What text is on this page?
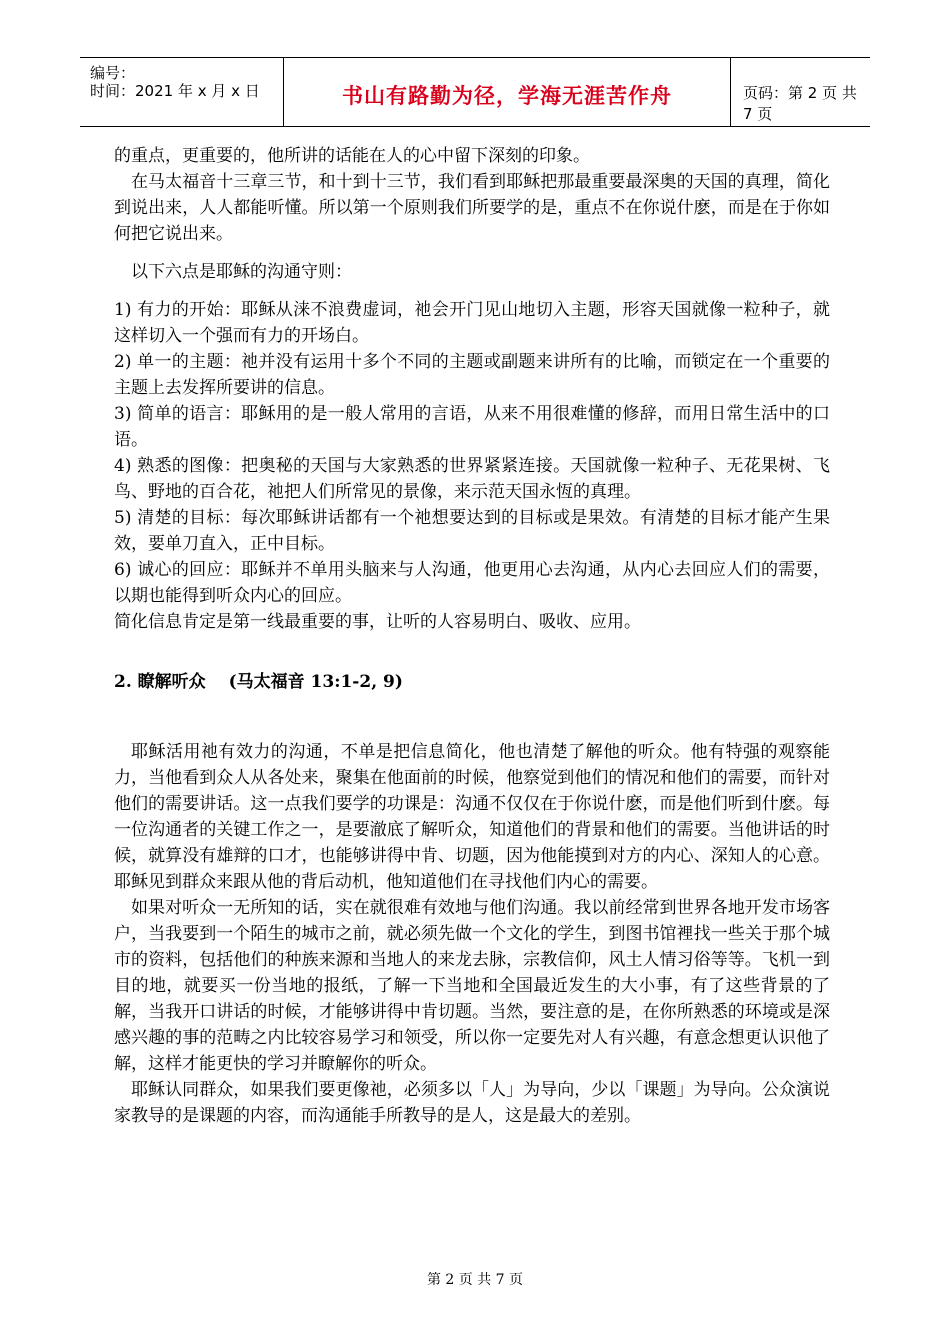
编号：
时间：2021 年 x 月 x 日	书山有路勤为径，学海无涯苦作舟	页码：第 2 页 共 7 页

的重点，更重要的，他所讲的话能在人的心中留下深刻的印象。

在马太福音十三章三节，和十到十三节，我们看到耶稣把那最重要最深奥的天国的真理，简化到说出来，人人都能听懂。所以第一个原则我们所要学的是，重点不在你说什麽，而是在于你如何把它说出来。

以下六点是耶稣的沟通守则：

1) 有力的开始：耶稣从涞不浪费虚词，祂会开门见山地切入主题，形容天国就像一粒种子，就这样切入一个强而有力的开场白。

2) 单一的主题：祂并没有运用十多个不同的主题或副题来讲所有的比喻，而锁定在一个重要的主题上去发挥所要讲的信息。

3) 简单的语言：耶稣用的是一般人常用的言语，从来不用很难懂的修辞，而用日常生活中的口语。

4) 熟悉的图像：把奥秘的天国与大家熟悉的世界紧紧连接。天国就像一粒种子、无花果树、飞鸟、野地的百合花，祂把人们所常见的景像，来示范天国永恆的真理。

5) 清楚的目标：每次耶稣讲话都有一个祂想要达到的目标或是果效。有清楚的目标才能产生果效，要单刀直入，正中目标。

6) 诚心的回应：耶稣并不单用头脑来与人沟通，他更用心去沟通，从内心去回应人们的需要，以期也能得到听众内心的回应。

简化信息肯定是第一线最重要的事，让听的人容易明白、吸收、应用。

2. 瞭解听众　 (马太福音 13:1-2, 9)

耶稣活用祂有效力的沟通，不单是把信息简化，他也清楚了解他的听众。他有特强的观察能力，当他看到众人从各处来，聚集在他面前的时候，他察觉到他们的情况和他们的需要，而针对他们的需要讲话。这一点我们要学的功课是：沟通不仅仅在于你说什麽，而是他们听到什麽。每一位沟通者的关键工作之一，是要澈底了解听众，知道他们的背景和他们的需要。当他讲话的时候，就算没有雄辩的口才，也能够讲得中肯、切题，因为他能摸到对方的内心、深知人的心意。耶稣见到群众来跟从他的背后动机，他知道他们在寻找他们内心的需要。

如果对听众一无所知的话，实在就很难有效地与他们沟通。我以前经常到世界各地开发市场客户，当我要到一个陌生的城市之前，就必须先做一个文化的学生，到图书馆裡找一些关于那个城市的资料，包括他们的种族来源和当地人的来龙去脉，宗教信仰，风土人情习俗等等。飞机一到目的地，就要买一份当地的报纸，了解一下当地和全国最近发生的大小事，有了这些背景的了解，当我开口讲话的时候，才能够讲得中肯切题。当然，要注意的是，在你所熟悉的环境或是深感兴趣的事的范畴之内比较容易学习和领受，所以你一定要先对人有兴趣，有意念想更认识他了解，这样才能更快的学习并瞭解你的听众。

耶稣认同群众，如果我们要更像祂，必须多以「人」为导向，少以「课题」为导向。公众演说家教导的是课题的内容，而沟通能手所教导的是人，这是最大的差别。

第 2 页 共 7 页
